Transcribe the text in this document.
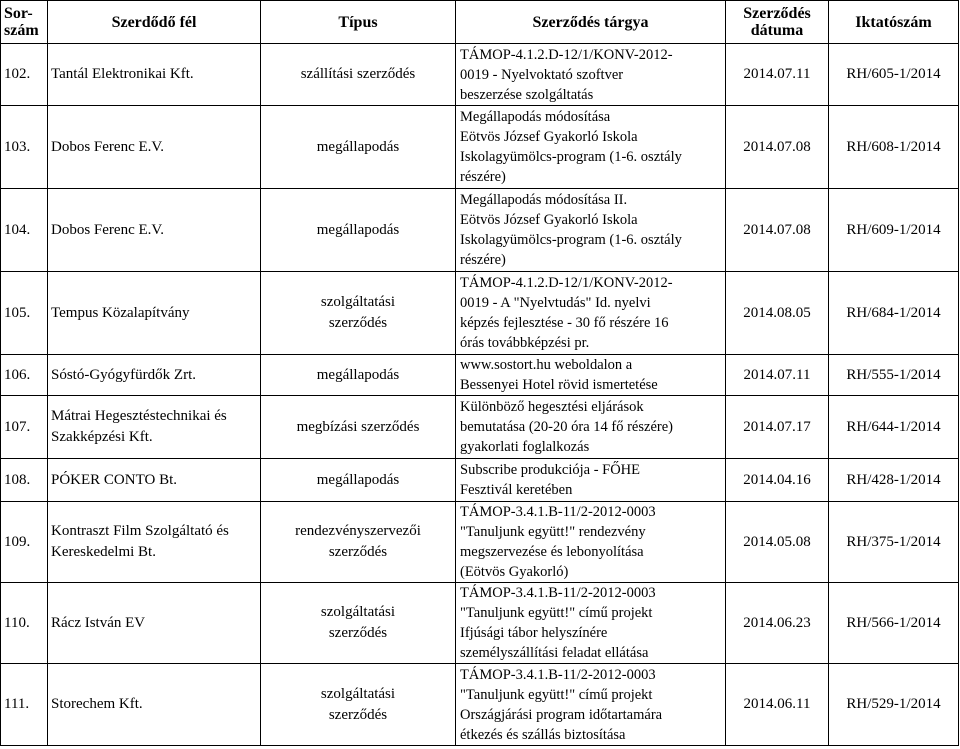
Sor-
szám	Szerdődő fél	Típus	Szerződés tárgya	Szerződés
dátuma	Iktatószám
102.	Tantál Elektronikai Kft.	szállítási szerződés	TÁMOP-4.1.2.D-12/1/KONV-2012-
0019 - Nyelvoktató szoftver
beszerzése szolgáltatás	2014.07.11	RH/605-1/2014
103.	Dobos Ferenc E.V.	megállapodás	Megállapodás módosítása
Eötvös József Gyakorló Iskola
Iskolagyümölcs-program (1-6. osztály
részére)	2014.07.08	RH/608-1/2014
104.	Dobos Ferenc E.V.	megállapodás	Megállapodás módosítása II.
Eötvös József Gyakorló Iskola
Iskolagyümölcs-program (1-6. osztály
részére)	2014.07.08	RH/609-1/2014
105.	Tempus Közalapítvány	szolgáltatási
szerződés	TÁMOP-4.1.2.D-12/1/KONV-2012-
0019 - A "Nyelvtudás" Id. nyelvi
képzés fejlesztése - 30 fő részére 16
órás továbbképzési pr.	2014.08.05	RH/684-1/2014
106.	Sóstó-Gyógyfürdők Zrt.	megállapodás	www.sostort.hu weboldalon a
Bessenyei Hotel rövid ismertetése	2014.07.11	RH/555-1/2014
107.	Mátrai Hegesztéstechnikai és
Szakképzési Kft.	megbízási szerződés	Különböző hegesztési eljárások
bemutatása (20-20 óra 14 fő részére)
gyakorlati foglalkozás	2014.07.17	RH/644-1/2014
108.	PÓKER CONTO Bt.	megállapodás	Subscribe produkciója - FŐHE
Fesztivál keretében	2014.04.16	RH/428-1/2014
109.	Kontraszt Film Szolgáltató és
Kereskedelmi Bt.	rendezvényszervezői
szerződés	TÁMOP-3.4.1.B-11/2-2012-0003
"Tanuljunk együtt!" rendezvény
megszervezése és lebonyolítása
(Eötvös Gyakorló)	2014.05.08	RH/375-1/2014
110.	Rácz István EV	szolgáltatási
szerződés	TÁMOP-3.4.1.B-11/2-2012-0003
"Tanuljunk együtt!" című projekt
Ifjúsági tábor helyszínére
személyszállítási feladat ellátása	2014.06.23	RH/566-1/2014
111.	Storechem Kft.	szolgáltatási
szerződés	TÁMOP-3.4.1.B-11/2-2012-0003
"Tanuljunk együtt!" című projekt
Országjárási program időtartamára
étkezés és szállás biztosítása	2014.06.11	RH/529-1/2014
